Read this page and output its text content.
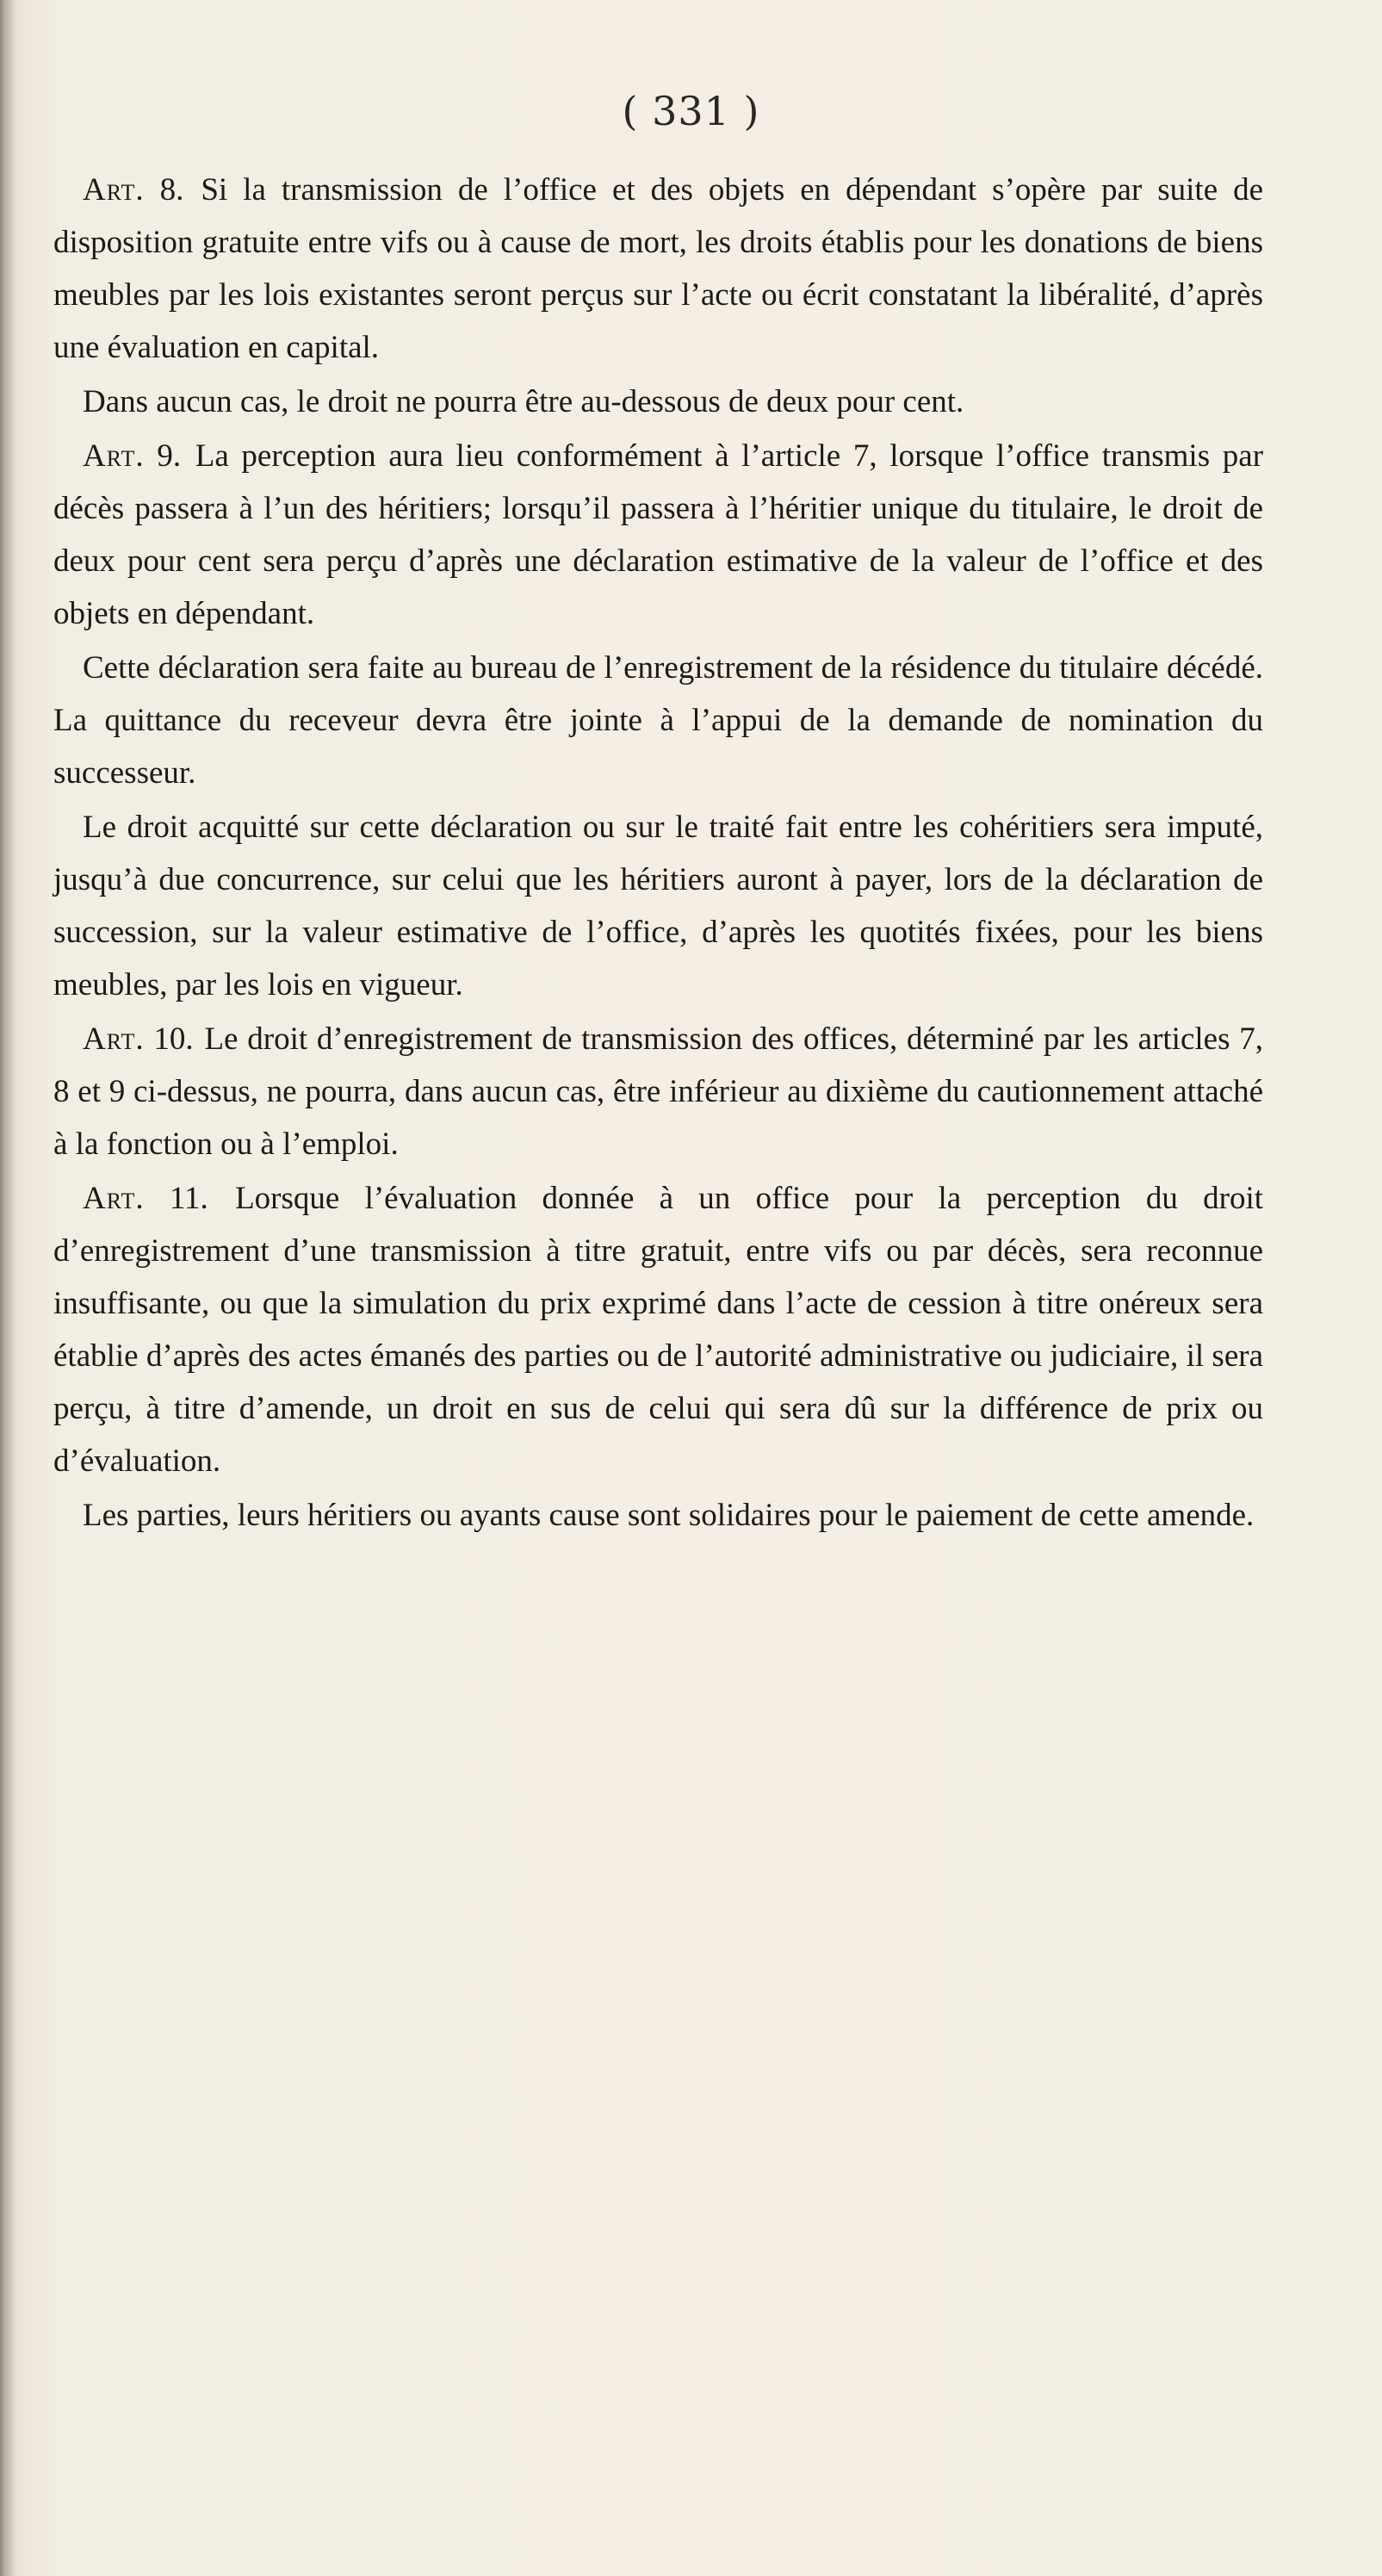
( 331 )

Art. 8. Si la transmission de l’office et des objets en dépendant s’opère par suite de disposition gratuite entre vifs ou à cause de mort, les droits établis pour les donations de biens meubles par les lois existantes seront perçus sur l’acte ou écrit constatant la libéralité, d’après une évaluation en capital.

Dans aucun cas, le droit ne pourra être au-dessous de deux pour cent.

Art. 9. La perception aura lieu conformément à l’article 7, lorsque l’office transmis par décès passera à l’un des héritiers; lorsqu’il passera à l’héritier unique du titulaire, le droit de deux pour cent sera perçu d’après une déclaration estimative de la valeur de l’office et des objets en dépendant.

Cette déclaration sera faite au bureau de l’enregistrement de la résidence du titulaire décédé. La quittance du receveur devra être jointe à l’appui de la demande de nomination du successeur.

Le droit acquitté sur cette déclaration ou sur le traité fait entre les cohéritiers sera imputé, jusqu’à due concurrence, sur celui que les héritiers auront à payer, lors de la déclaration de succession, sur la valeur estimative de l’office, d’après les quotités fixées, pour les biens meubles, par les lois en vigueur.

Art. 10. Le droit d’enregistrement de transmission des offices, déterminé par les articles 7, 8 et 9 ci-dessus, ne pourra, dans aucun cas, être inférieur au dixième du cautionnement attaché à la fonction ou à l’emploi.

Art. 11. Lorsque l’évaluation donnée à un office pour la perception du droit d’enregistrement d’une transmission à titre gratuit, entre vifs ou par décès, sera reconnue insuffisante, ou que la simulation du prix exprimé dans l’acte de cession à titre onéreux sera établie d’après des actes émanés des parties ou de l’autorité administrative ou judiciaire, il sera perçu, à titre d’amende, un droit en sus de celui qui sera dû sur la différence de prix ou d’évaluation.

Les parties, leurs héritiers ou ayants cause sont solidaires pour le paiement de cette amende.
